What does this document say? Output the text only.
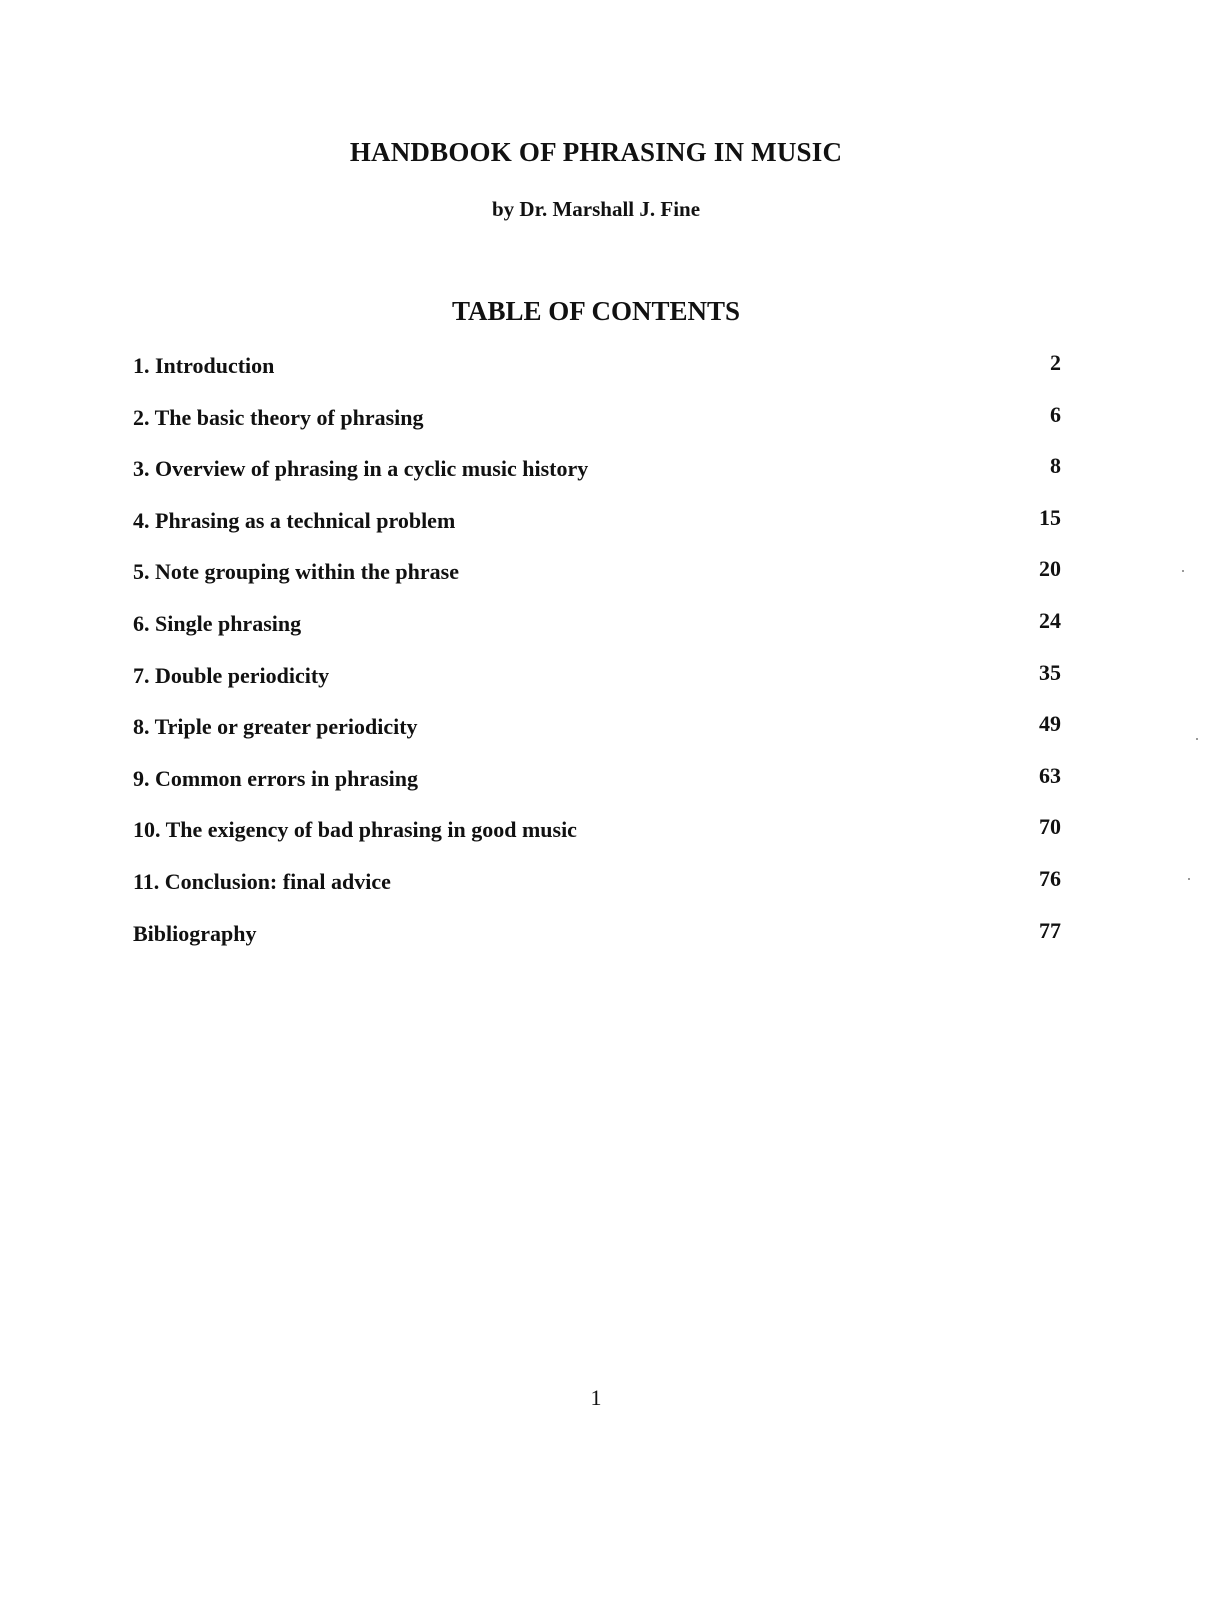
HANDBOOK OF PHRASING IN MUSIC

by Dr. Marshall J. Fine

TABLE OF CONTENTS
1. Introduction	2
2. The basic theory of phrasing	6
3. Overview of phrasing in a cyclic music history	8
4. Phrasing as a technical problem	15
5. Note grouping within the phrase	20
6. Single phrasing	24
7. Double periodicity	35
8. Triple or greater periodicity	49
9. Common errors in phrasing	63
10. The exigency of bad phrasing in good music	70
11. Conclusion: final advice	76
Bibliography	77

1
